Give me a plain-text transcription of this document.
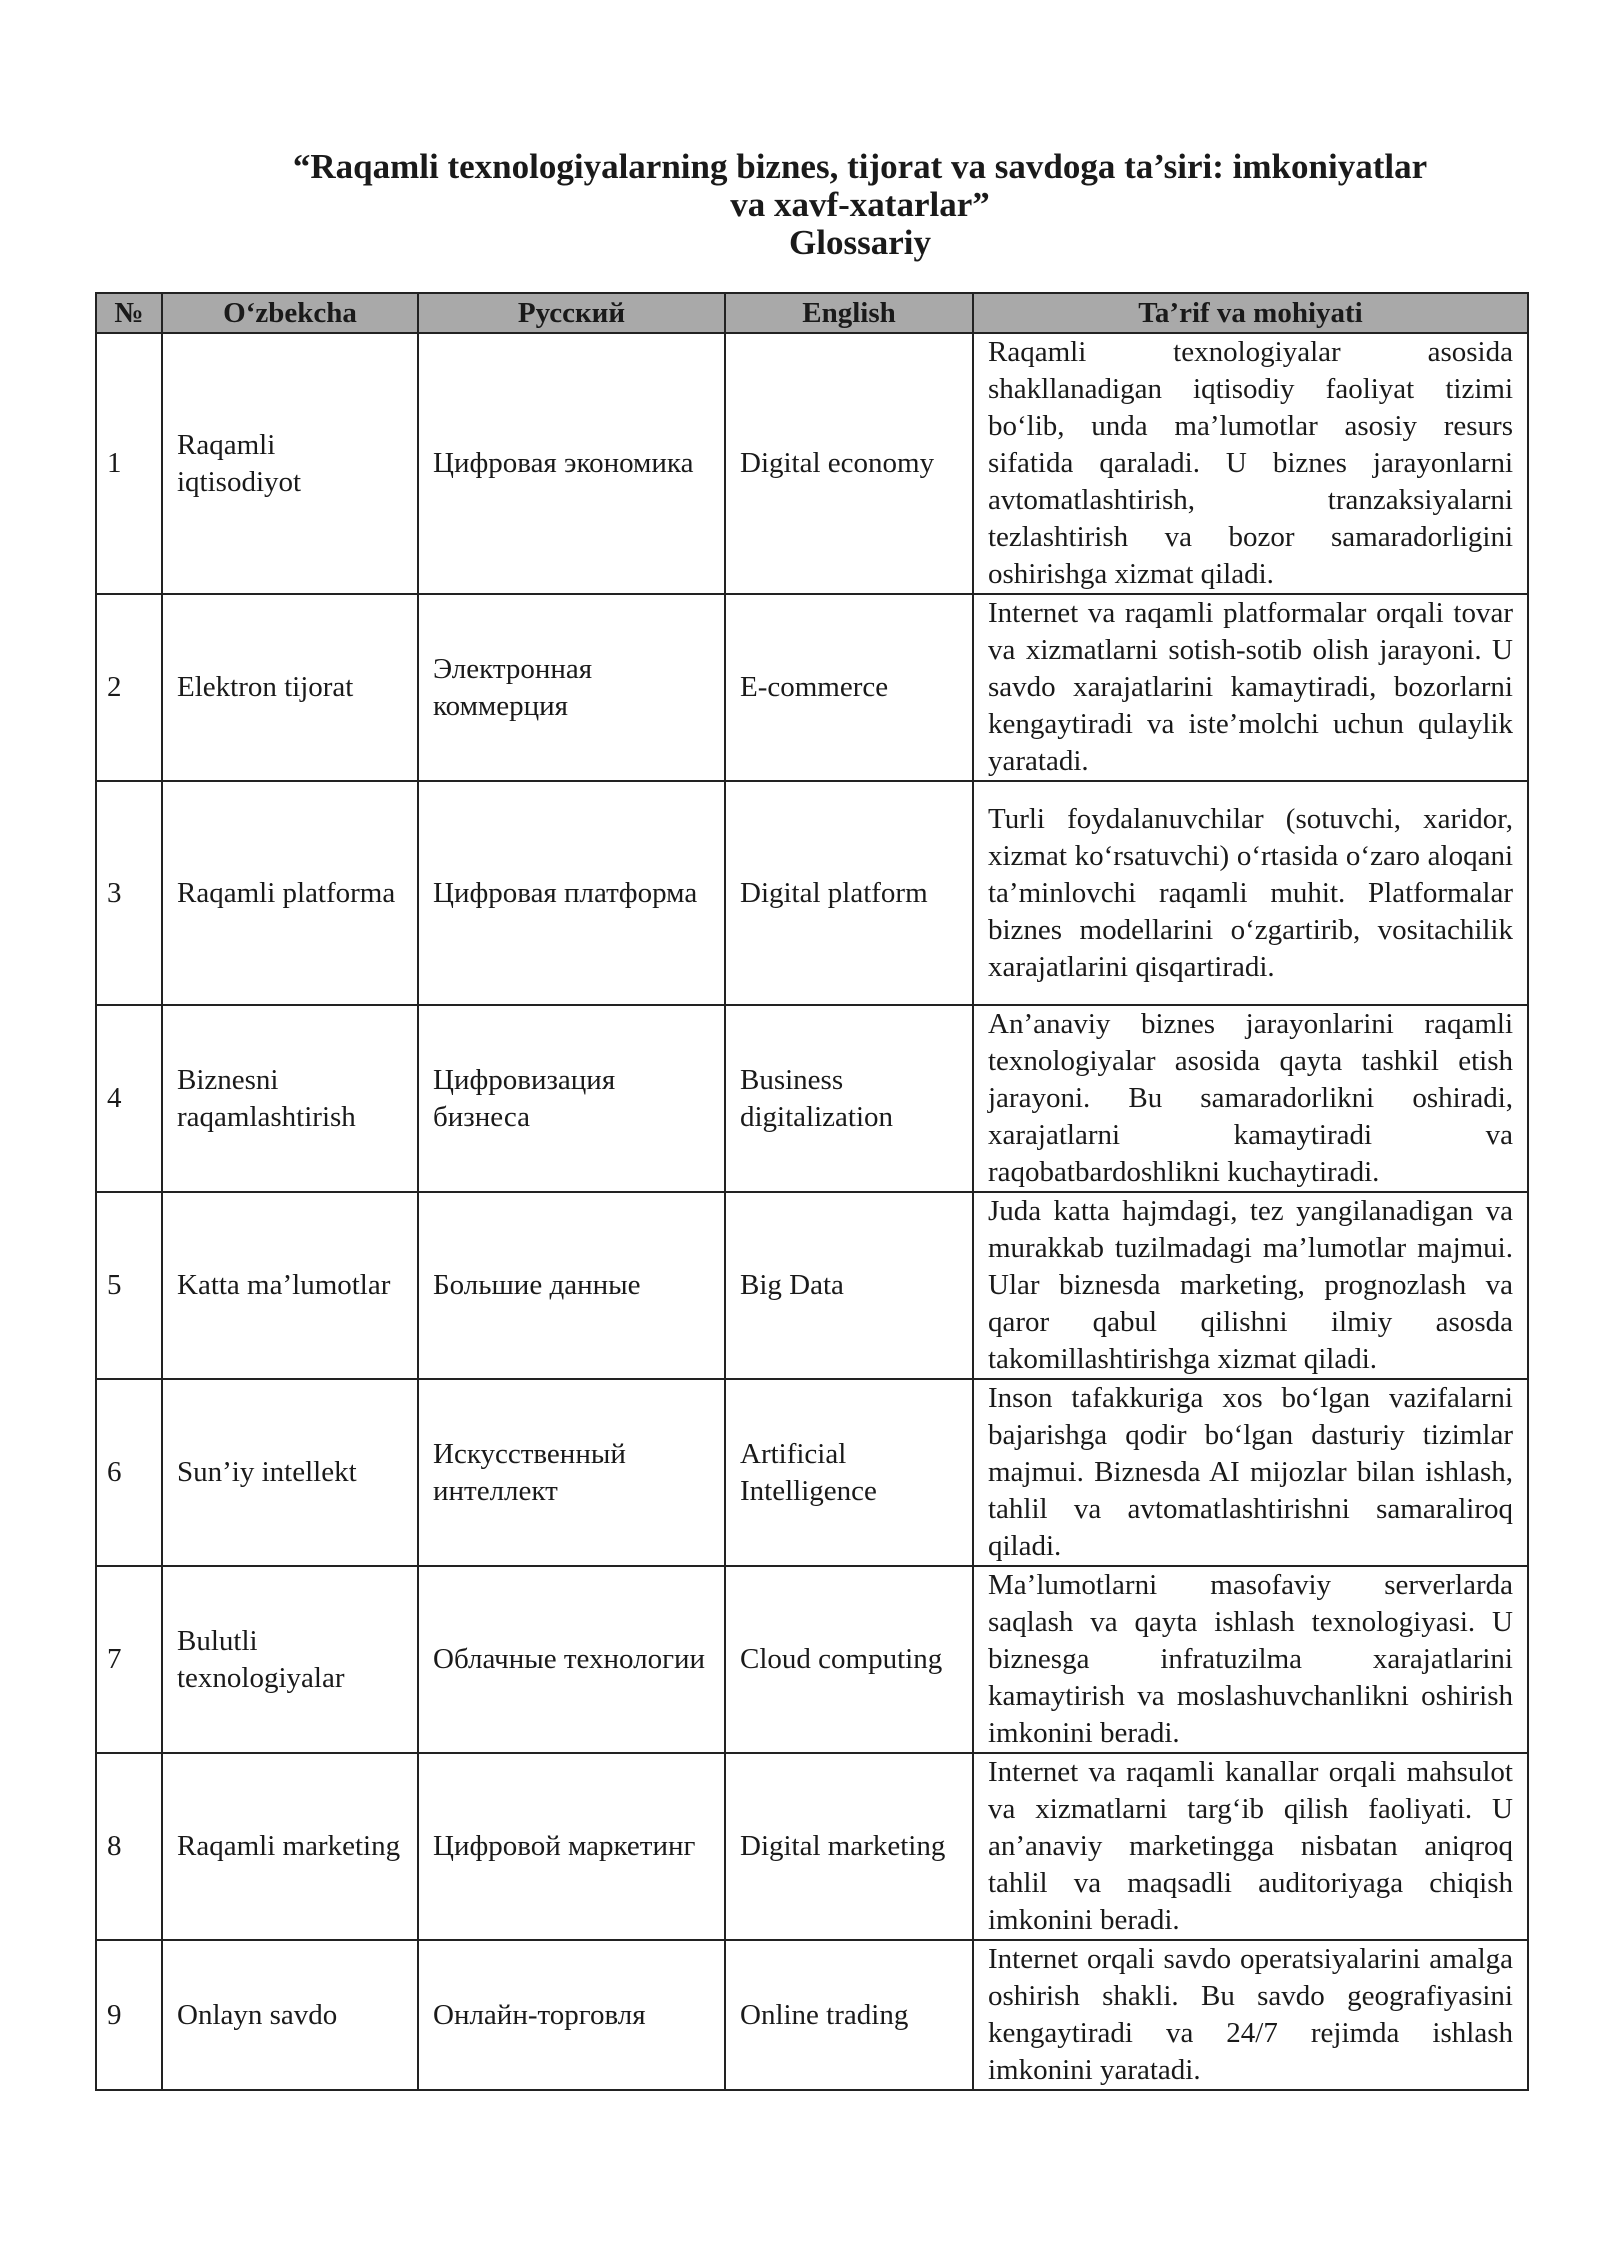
“Raqamli texnologiyalarning biznes, tijorat va savdoga ta’siri: imkoniyatlar
va xavf-xatarlar”
Glossariy
№	O‘zbekcha	Русский	English	Ta’rif va mohiyati
1	Raqamli iqtisodiyot	Цифровая экономика	Digital economy	Raqamli texnologiyalar asosida shakllanadigan iqtisodiy faoliyat tizimi bo‘lib, unda ma’lumotlar asosiy resurs sifatida qaraladi. U biznes jarayonlarni avtomatlashtirish, tranzaksiyalarni tezlashtirish va bozor samaradorligini oshirishga xizmat qiladi.
2	Elektron tijorat	Электронная коммерция	E-commerce	Internet va raqamli platformalar orqali tovar va xizmatlarni sotish-sotib olish jarayoni. U savdo xarajatlarini kamaytiradi, bozorlarni kengaytiradi va iste’molchi uchun qulaylik yaratadi.
3	Raqamli platforma	Цифровая платформа	Digital platform	Turli foydalanuvchilar (sotuvchi, xaridor, xizmat ko‘rsatuvchi) o‘rtasida o‘zaro aloqani ta’minlovchi raqamli muhit. Platformalar biznes modellarini o‘zgartirib, vositachilik xarajatlarini qisqartiradi.
4	Biznesni raqamlashtirish	Цифровизация бизнеса	Business digitalization	An’anaviy biznes jarayonlarini raqamli texnologiyalar asosida qayta tashkil etish jarayoni. Bu samaradorlikni oshiradi, xarajatlarni kamaytiradi va raqobatbardoshlikni kuchaytiradi.
5	Katta ma’lumotlar	Большие данные	Big Data	Juda katta hajmdagi, tez yangilanadigan va murakkab tuzilmadagi ma’lumotlar majmui. Ular biznesda marketing, prognozlash va qaror qabul qilishni ilmiy asosda takomillashtirishga xizmat qiladi.
6	Sun’iy intellekt	Искусственный интеллект	Artificial Intelligence	Inson tafakkuriga xos bo‘lgan vazifalarni bajarishga qodir bo‘lgan dasturiy tizimlar majmui. Biznesda AI mijozlar bilan ishlash, tahlil va avtomatlashtirishni samaraliroq qiladi.
7	Bulutli texnologiyalar	Облачные технологии	Cloud computing	Ma’lumotlarni masofaviy serverlarda saqlash va qayta ishlash texnologiyasi. U biznesga infratuzilma xarajatlarini kamaytirish va moslashuvchanlikni oshirish imkonini beradi.
8	Raqamli marketing	Цифровой маркетинг	Digital marketing	Internet va raqamli kanallar orqali mahsulot va xizmatlarni targ‘ib qilish faoliyati. U an’anaviy marketingga nisbatan aniqroq tahlil va maqsadli auditoriyaga chiqish imkonini beradi.
9	Onlayn savdo	Онлайн-торговля	Online trading	Internet orqali savdo operatsiyalarini amalga oshirish shakli. Bu savdo geografiyasini kengaytiradi va 24/7 rejimda ishlash imkonini yaratadi.
